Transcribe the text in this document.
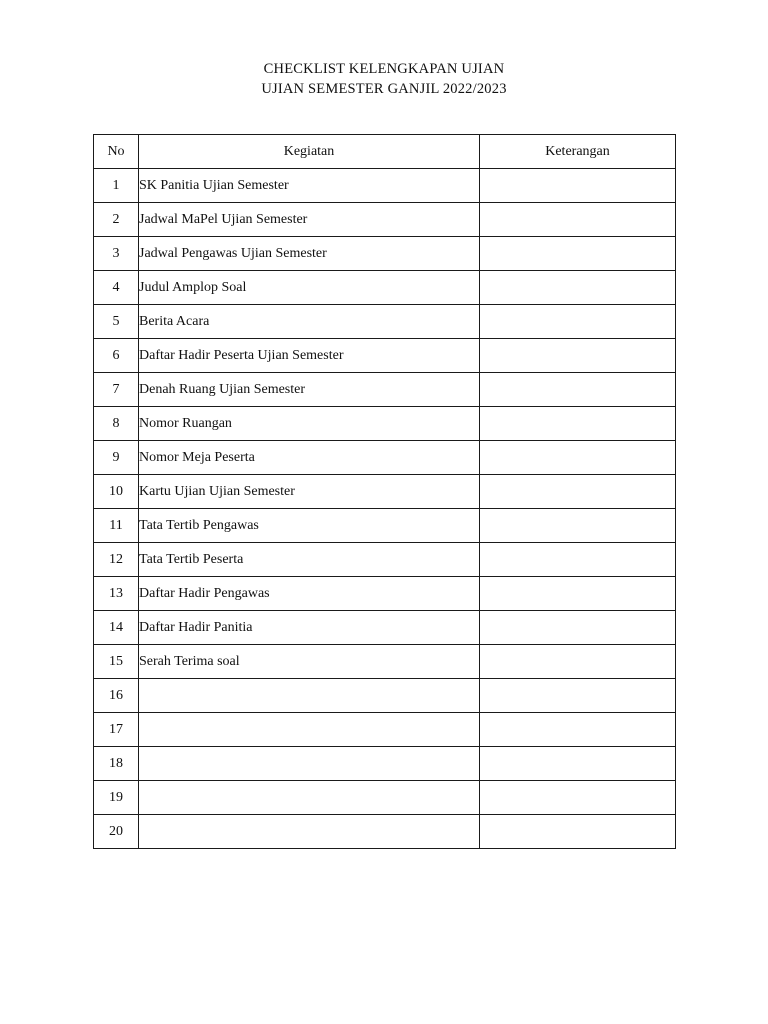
CHECKLIST KELENGKAPAN UJIAN
UJIAN SEMESTER GANJIL 2022/2023
No	Kegiatan	Keterangan
1	SK Panitia Ujian Semester	
2	Jadwal MaPel Ujian Semester	
3	Jadwal Pengawas Ujian Semester	
4	Judul Amplop Soal	
5	Berita Acara	
6	Daftar Hadir Peserta Ujian Semester	
7	Denah Ruang Ujian Semester	
8	Nomor Ruangan	
9	Nomor Meja Peserta	
10	Kartu Ujian Ujian Semester	
11	Tata Tertib Pengawas	
12	Tata Tertib Peserta	
13	Daftar Hadir Pengawas	
14	Daftar Hadir Panitia	
15	Serah Terima soal	
16		
17		
18		
19		
20		
